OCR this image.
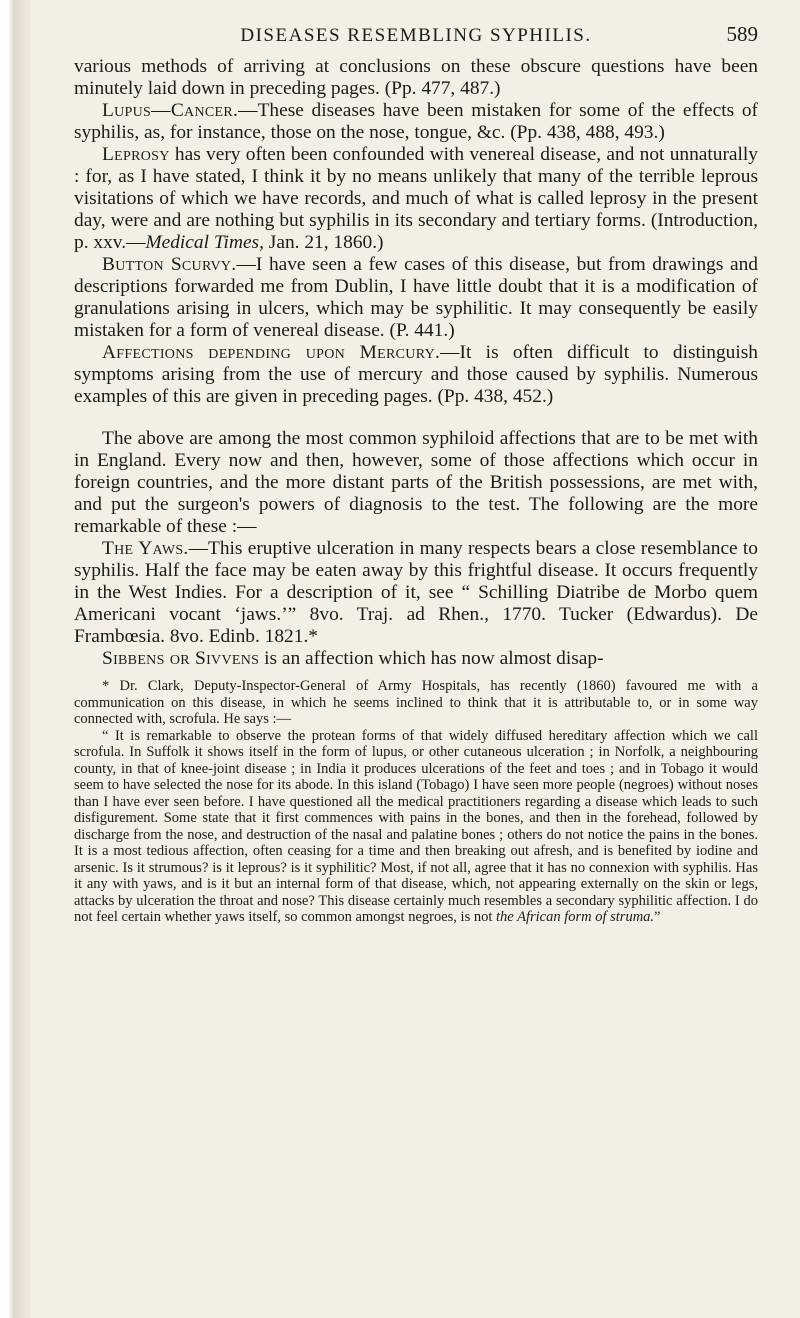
DISEASES RESEMBLING SYPHILIS.	589

various methods of arriving at conclusions on these obscure questions have been minutely laid down in preceding pages. (Pp. 477, 487.)

Lupus—Cancer.—These diseases have been mistaken for some of the effects of syphilis, as, for instance, those on the nose, tongue, &c. (Pp. 438, 488, 493.)

Leprosy has very often been confounded with venereal disease, and not unnaturally : for, as I have stated, I think it by no means unlikely that many of the terrible leprous visitations of which we have records, and much of what is called leprosy in the present day, were and are nothing but syphilis in its secondary and tertiary forms. (Introduction, p. xxv.—Medical Times, Jan. 21, 1860.)

Button Scurvy.—I have seen a few cases of this disease, but from drawings and descriptions forwarded me from Dublin, I have little doubt that it is a modification of granulations arising in ulcers, which may be syphilitic. It may consequently be easily mistaken for a form of venereal disease. (P. 441.)

Affections depending upon Mercury.—It is often difficult to distinguish symptoms arising from the use of mercury and those caused by syphilis. Numerous examples of this are given in preceding pages. (Pp. 438, 452.)

The above are among the most common syphiloid affections that are to be met with in England. Every now and then, however, some of those affections which occur in foreign countries, and the more distant parts of the British possessions, are met with, and put the surgeon's powers of diagnosis to the test. The following are the more remarkable of these :—

The Yaws.—This eruptive ulceration in many respects bears a close resemblance to syphilis. Half the face may be eaten away by this frightful disease. It occurs frequently in the West Indies. For a description of it, see “ Schilling Diatribe de Morbo quem Americani vocant ‘jaws.’” 8vo. Traj. ad Rhen., 1770. Tucker (Edwardus). De Frambœsia. 8vo. Edinb. 1821.*

Sibbens or Sivvens is an affection which has now almost disap-

* Dr. Clark, Deputy-Inspector-General of Army Hospitals, has recently (1860) favoured me with a communication on this disease, in which he seems inclined to think that it is attributable to, or in some way connected with, scrofula. He says :—

“ It is remarkable to observe the protean forms of that widely diffused hereditary affection which we call scrofula. In Suffolk it shows itself in the form of lupus, or other cutaneous ulceration ; in Norfolk, a neighbouring county, in that of knee-joint disease ; in India it produces ulcerations of the feet and toes ; and in Tobago it would seem to have selected the nose for its abode. In this island (Tobago) I have seen more people (negroes) without noses than I have ever seen before. I have questioned all the medical practitioners regarding a disease which leads to such disfigurement. Some state that it first commences with pains in the bones, and then in the forehead, followed by discharge from the nose, and destruction of the nasal and palatine bones ; others do not notice the pains in the bones. It is a most tedious affection, often ceasing for a time and then breaking out afresh, and is benefited by iodine and arsenic. Is it strumous? is it leprous? is it syphilitic? Most, if not all, agree that it has no connexion with syphilis. Has it any with yaws, and is it but an internal form of that disease, which, not appearing externally on the skin or legs, attacks by ulceration the throat and nose? This disease certainly much resembles a secondary syphilitic affection. I do not feel certain whether yaws itself, so common amongst negroes, is not the African form of struma.”
